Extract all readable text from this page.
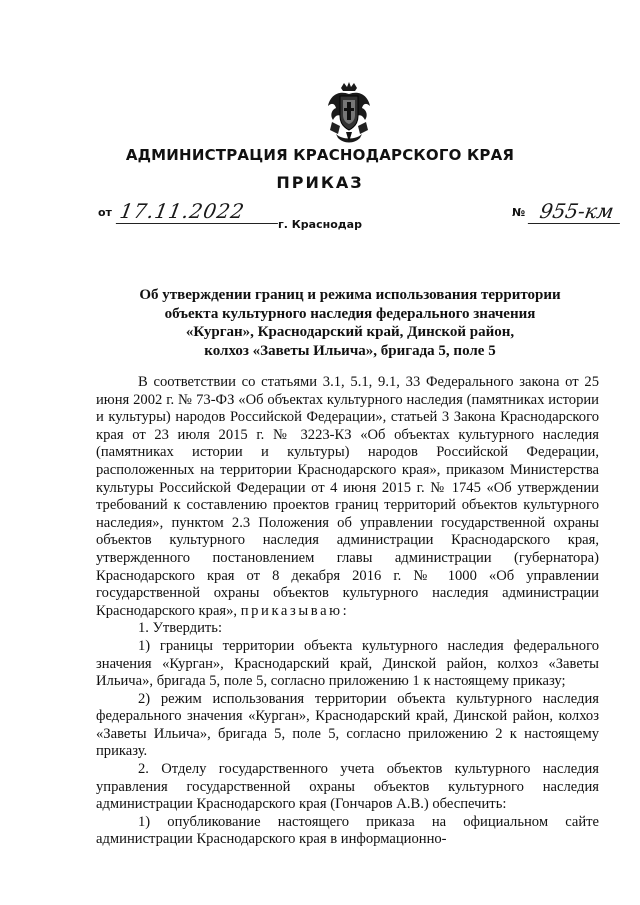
АДМИНИСТРАЦИЯ КРАСНОДАРСКОГО КРАЯ
ПРИКАЗ
от 17.11.2022
г. Краснодар
№ 955-км
Об утверждении границ и режима использования территории
объекта культурного наследия федерального значения
«Курган», Краснодарский край, Динской район,
колхоз «Заветы Ильича», бригада 5, поле 5

В соответствии со статьями 3.1, 5.1, 9.1, 33 Федерального закона от 25 июня 2002 г. № 73-ФЗ «Об объектах культурного наследия (памятниках истории и культуры) народов Российской Федерации», статьей 3 Закона Краснодарского края от 23 июля 2015 г. № 3223-КЗ «Об объектах культурного наследия (памятниках истории и культуры) народов Российской Федерации, расположенных на территории Краснодарского края», приказом Министерства культуры Российской Федерации от 4 июня 2015 г. № 1745 «Об утверждении требований к составлению проектов границ территорий объектов культурного наследия», пунктом 2.3 Положения об управлении государственной охраны объектов культурного наследия администрации Краснодарского края, утвержденного постановлением главы администрации (губернатора) Краснодарского края от 8 декабря 2016 г. № 1000 «Об управлении государственной охраны объектов культурного наследия администрации Краснодарского края», приказываю:

1. Утвердить:

1) границы территории объекта культурного наследия федерального значения «Курган», Краснодарский край, Динской район, колхоз «Заветы Ильича», бригада 5, поле 5, согласно приложению 1 к настоящему приказу;

2) режим использования территории объекта культурного наследия федерального значения «Курган», Краснодарский край, Динской район, колхоз «Заветы Ильича», бригада 5, поле 5, согласно приложению 2 к настоящему приказу.

2. Отделу государственного учета объектов культурного наследия управления государственной охраны объектов культурного наследия администрации Краснодарского края (Гончаров А.В.) обеспечить:

1) опубликование настоящего приказа на официальном сайте администрации Краснодарского края в информационно-
